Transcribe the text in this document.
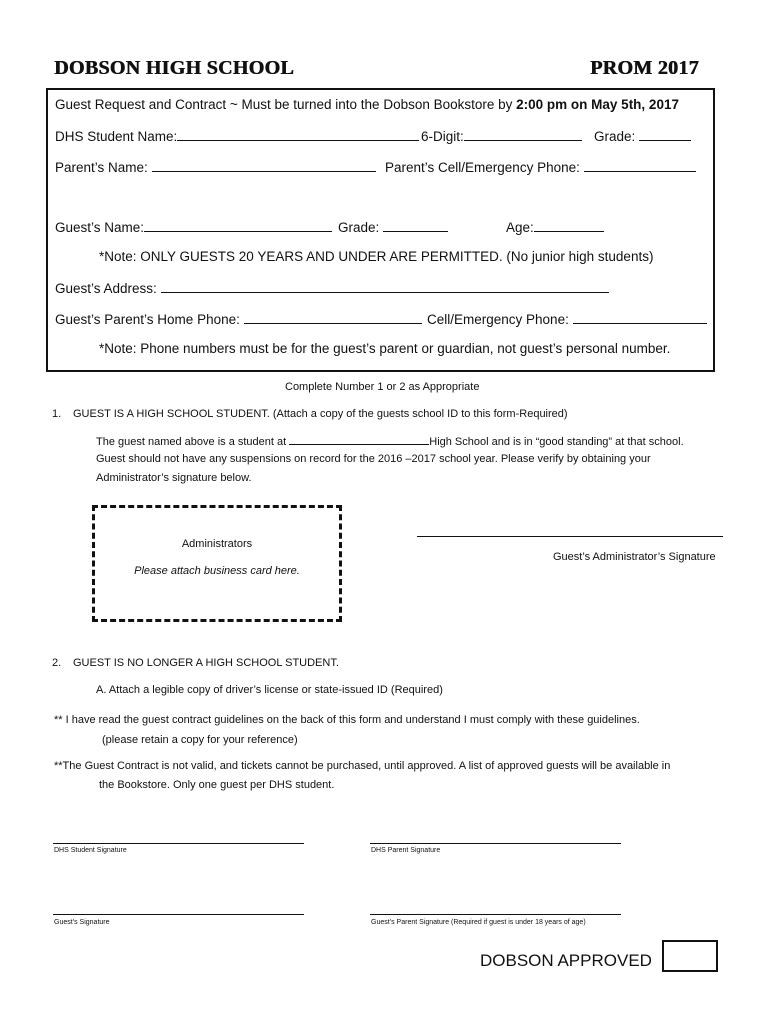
DOBSON HIGH SCHOOL	PROM 2017
Guest Request and Contract ~ Must be turned into the Dobson Bookstore by 2:00 pm on May 5th, 2017
DHS Student Name:	6-Digit:	Grade:
Parent’s Name:	Parent’s Cell/Emergency Phone:
Guest’s Name:	Grade:	Age:
*Note: ONLY GUESTS 20 YEARS AND UNDER ARE PERMITTED. (No junior high students)
Guest’s Address:
Guest’s Parent’s Home Phone:	Cell/Emergency Phone:
*Note: Phone numbers must be for the guest’s parent or guardian, not guest’s personal number.
Complete Number 1 or 2 as Appropriate
1. GUEST IS A HIGH SCHOOL STUDENT. (Attach a copy of the guests school ID to this form-Required)
The guest named above is a student at	High School and is in “good standing” at that school.
Guest should not have any suspensions on record for the 2016 –2017 school year. Please verify by obtaining your
Administrator’s signature below.
Administrators
Please attach business card here.
Guest’s Administrator’s Signature
2. GUEST IS NO LONGER A HIGH SCHOOL STUDENT.
A. Attach a legible copy of driver’s license or state-issued ID (Required)
** I have read the guest contract guidelines on the back of this form and understand I must comply with these guidelines.
(please retain a copy for your reference)
**The Guest Contract is not valid, and tickets cannot be purchased, until approved. A list of approved guests will be available in
the Bookstore. Only one guest per DHS student.
DHS Student Signature	DHS Parent Signature
Guest’s Signature	Guest’s Parent Signature (Required if guest is under 18 years of age)
DOBSON APPROVED
